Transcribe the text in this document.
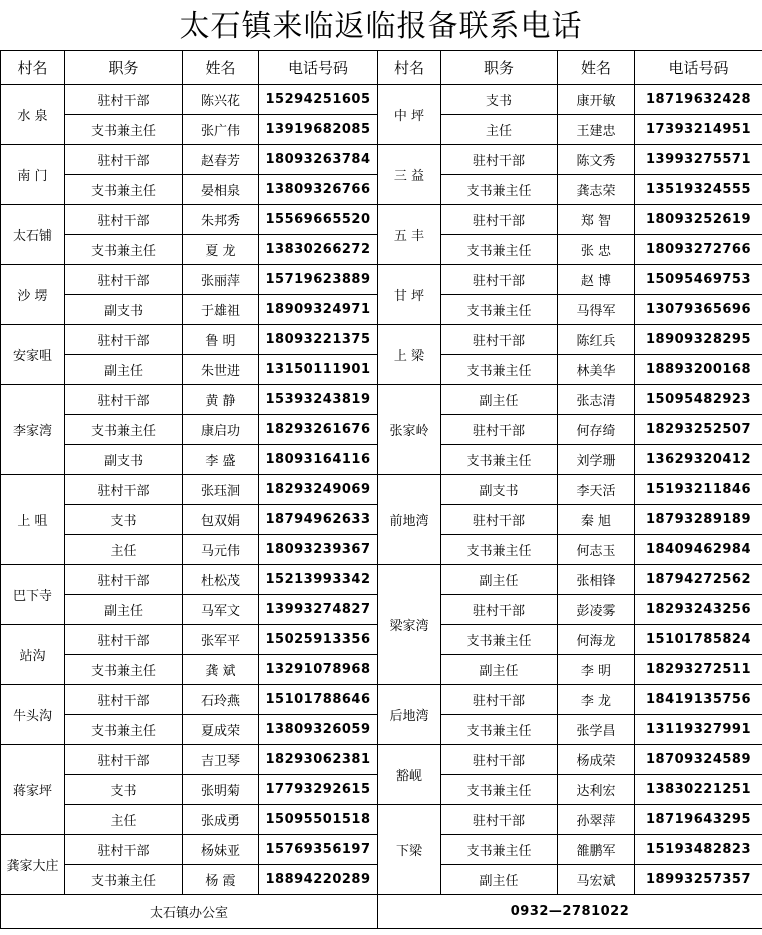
太石镇来临返临报备联系电话
村名	职务	姓名	电话号码	村名	职务	姓名	电话号码
水 泉	驻村干部	陈兴花	15294251605	中 坪	支书	康开敏	18719632428
	支书兼主任	张广伟	13919682085		主任	王建忠	17393214951
南 门	驻村干部	赵春芳	18093263784	三 益	驻村干部	陈文秀	13993275571
	支书兼主任	晏相泉	13809326766		支书兼主任	龚志荣	13519324555
太石铺	驻村干部	朱邦秀	15569665520	五 丰	驻村干部	郑 智	18093252619
	支书兼主任	夏 龙	13830266272		支书兼主任	张 忠	18093272766
沙 塄	驻村干部	张丽萍	15719623889	甘 坪	驻村干部	赵 博	15095469753
	副支书	于雄祖	18909324971		支书兼主任	马得军	13079365696
安家咀	驻村干部	鲁 明	18093221375	上 梁	驻村干部	陈红兵	18909328295
	副主任	朱世进	13150111901		支书兼主任	林美华	18893200168
李家湾	驻村干部	黄 静	15393243819	张家岭	副主任	张志清	15095482923
	支书兼主任	康启功	18293261676		驻村干部	何存绮	18293252507
	副支书	李 盛	18093164116		支书兼主任	刘学珊	13629320412
上 咀	驻村干部	张珏洄	18293249069	前地湾	副支书	李天活	15193211846
	支书	包双娟	18794962633		驻村干部	秦 旭	18793289189
	主任	马元伟	18093239367		支书兼主任	何志玉	18409462984
巴下寺	驻村干部	杜松茂	15213993342	梁家湾	副主任	张相锋	18794272562
	副主任	马军文	13993274827		驻村干部	彭凌雾	18293243256
站沟	驻村干部	张军平	15025913356		支书兼主任	何海龙	15101785824
	支书兼主任	龚 斌	13291078968		副主任	李 明	18293272511
牛头沟	驻村干部	石玲燕	15101788646	后地湾	驻村干部	李 龙	18419135756
	支书兼主任	夏成荣	13809326059		支书兼主任	张学昌	13119327991
蒋家坪	驻村干部	吉卫琴	18293062381	豁岘	驻村干部	杨成荣	18709324589
	支书	张明菊	17793292615		支书兼主任	达利宏	13830221251
	主任	张成勇	15095501518	下梁	驻村干部	孙翠萍	18719643295
龚家大庄	驻村干部	杨妹亚	15769356197		支书兼主任	雒鹏军	15193482823
	支书兼主任	杨 霞	18894220289		副主任	马宏斌	18993257357
太石镇办公室				0932—2781022			
